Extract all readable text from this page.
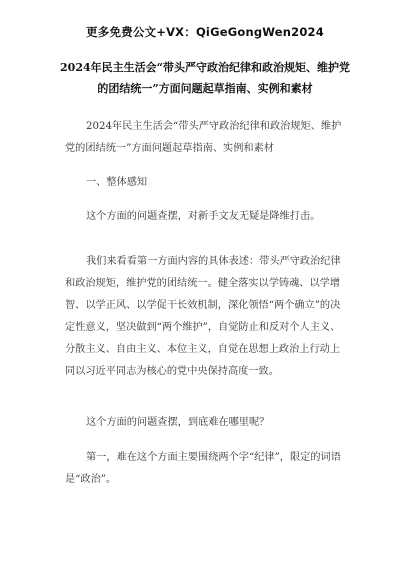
更多免费公文+VX：QiGeGongWen2024
2024年民主生活会“带头严守政治纪律和政治规矩、维护党的团结统一”方面问题起草指南、实例和素材

2024年民主生活会“带头严守政治纪律和政治规矩、维护党的团结统一”方面问题起草指南、实例和素材

一、整体感知

这个方面的问题查摆，对新手文友无疑是降维打击。

我们来看看第一方面内容的具体表述：带头严守政治纪律和政治规矩，维护党的团结统一。健全落实以学铸魂、以学增智、以学正风、以学促干长效机制，深化领悟“两个确立”的决定性意义，坚决做到“两个维护”，自觉防止和反对个人主义、分散主义、自由主义、本位主义，自觉在思想上政治上行动上同以习近平同志为核心的党中央保持高度一致。

这个方面的问题查摆，到底难在哪里呢？

第一，难在这个方面主要围绕两个字“纪律”，限定的词语是“政治”。
